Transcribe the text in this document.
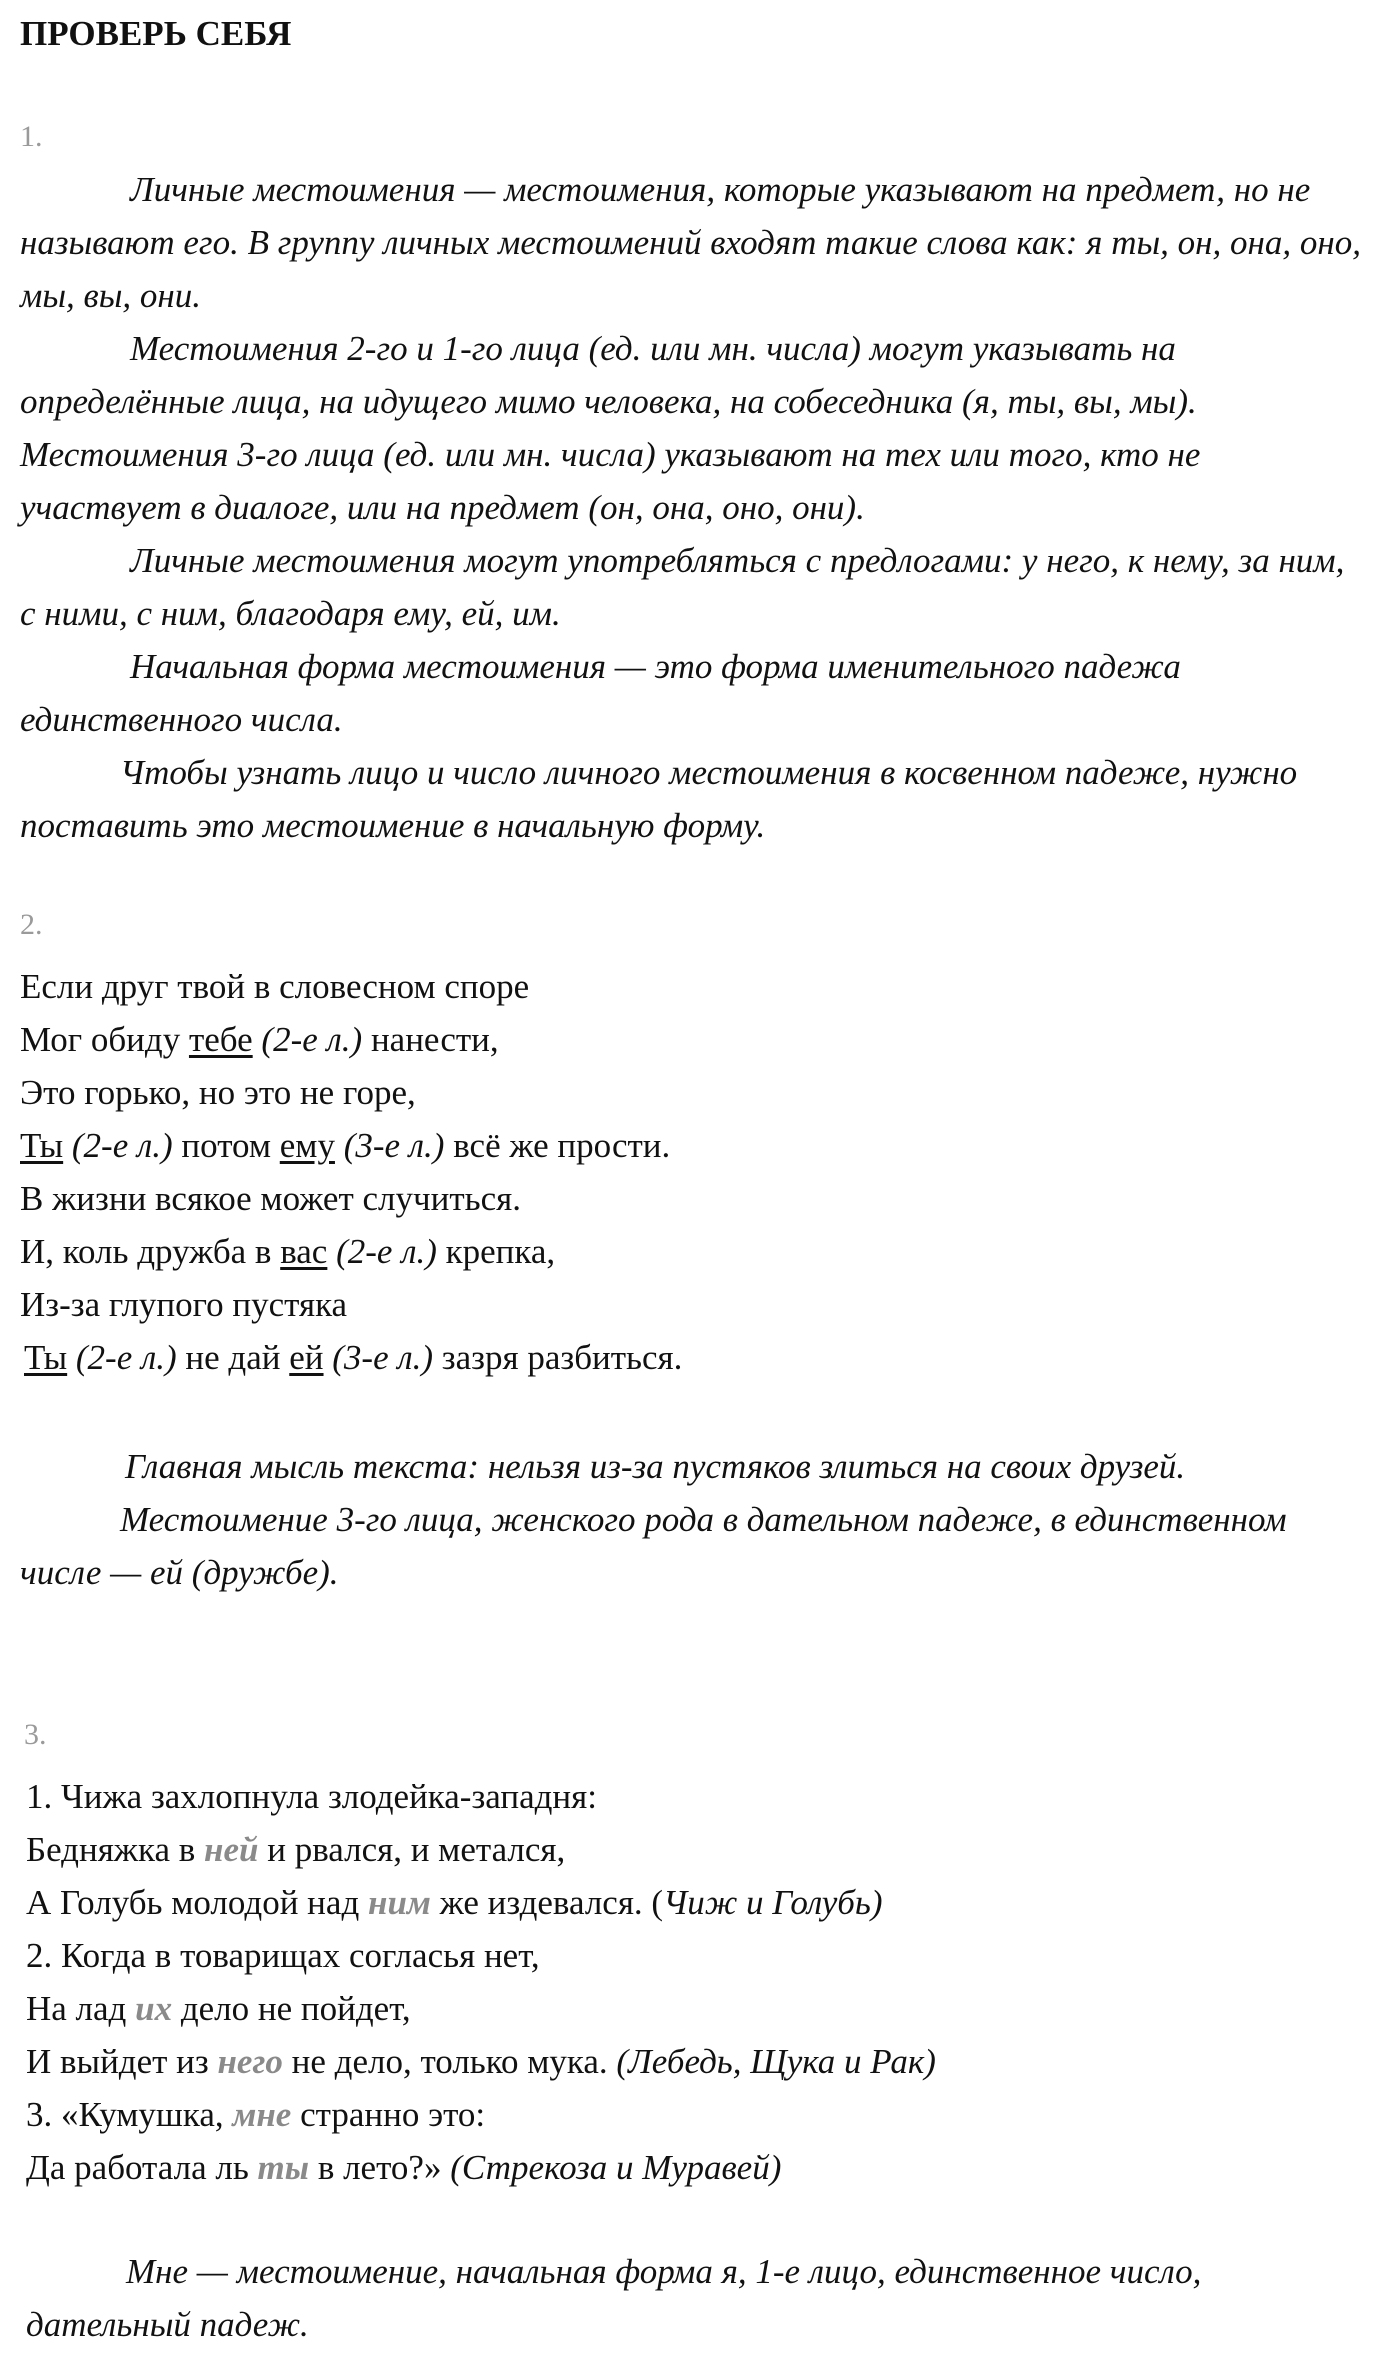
ПРОВЕРЬ СЕБЯ
1.

Личные местоимения — местоимения, которые указывают на предмет, но не называют его. В группу личных местоимений входят такие слова как: я ты, он, она, оно, мы, вы, они.

Местоимения 2-го и 1-го лица (ед. или мн. числа) могут указывать на определённые лица, на идущего мимо человека, на собеседника (я, ты, вы, мы). Местоимения 3-го лица (ед. или мн. числа) указывают на тех или того, кто не участвует в диалоге, или на предмет (он, она, оно, они).

Личные местоимения могут употребляться с предлогами: у него, к нему, за ним, с ними, с ним, благодаря ему, ей, им.

Начальная форма местоимения — это форма именительного падежа единственного числа.

Чтобы узнать лицо и число личного местоимения в косвенном падеже, нужно поставить это местоимение в начальную форму.

2.
Если друг твой в словесном споре
Мог обиду тебе (2-е л.) нанести,
Это горько, но это не горе,
Ты (2-е л.) потом ему (3-е л.) всё же прости.
В жизни всякое может случиться.
И, коль дружба в вас (2-е л.) крепка,
Из-за глупого пустяка
Ты (2-е л.) не дай ей (3-е л.) зазря разбиться.

Главная мысль текста: нельзя из-за пустяков злиться на своих друзей.

Местоимение 3-го лица, женского рода в дательном падеже, в единственном числе — ей (дружбе).

3.
1. Чижа захлопнула злодейка-западня:
Бедняжка в ней и рвался, и метался,
А Голубь молодой над ним же издевался. (Чиж и Голубь)
2. Когда в товарищах согласья нет,
На лад их дело не пойдет,
И выйдет из него не дело, только мука. (Лебедь, Щука и Рак)
3. «Кумушка, мне странно это:
Да работала ль ты в лето?» (Стрекоза и Муравей)

Мне — местоимение, начальная форма я, 1-е лицо, единственное число, дательный падеж.
